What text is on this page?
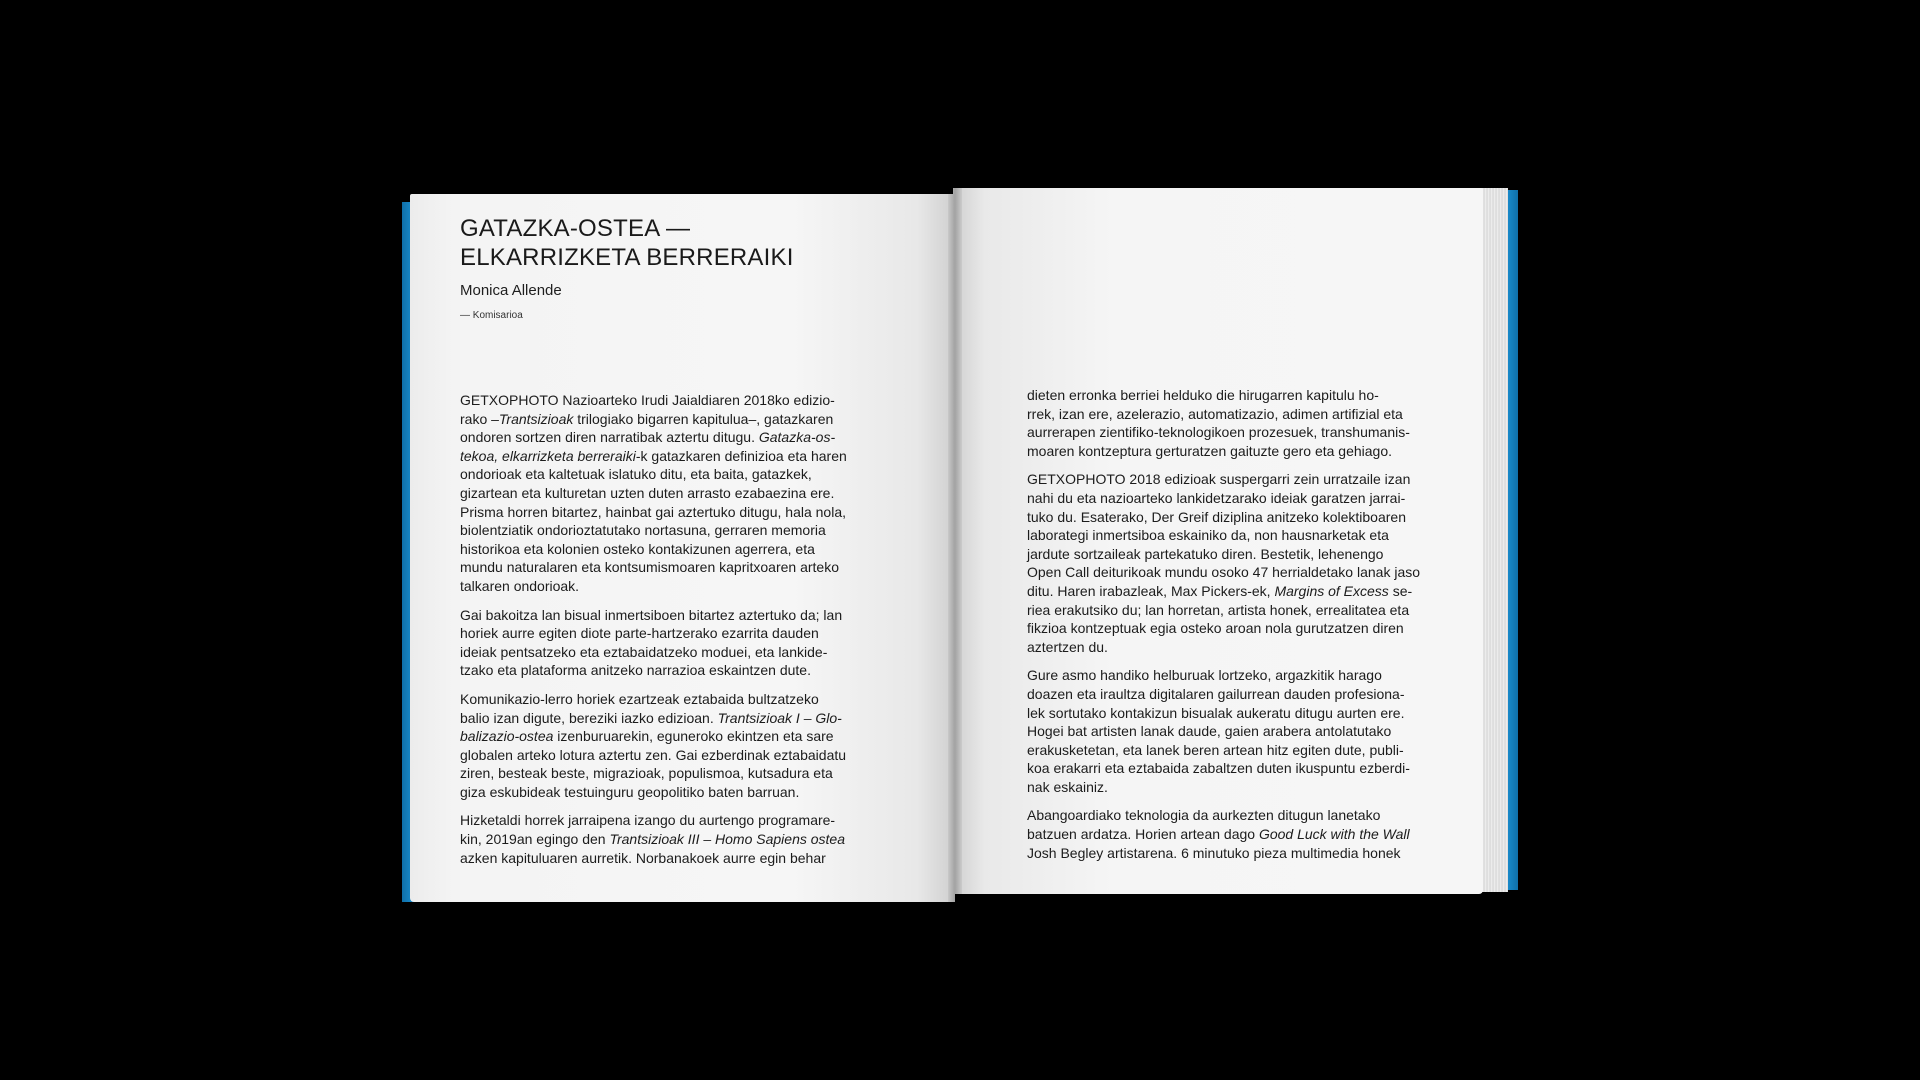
GATAZKA-OSTEA —
ELKARRIZKETA BERRERAIKI
Monica Allende
— Komisarioa

GETXOPHOTO Nazioarteko Irudi Jaialdiaren 2018ko edizio-
rako –Trantsizioak trilogiako bigarren kapitulua–, gatazkaren
ondoren sortzen diren narratibak aztertu ditugu. Gatazka-os-
tekoa, elkarrizketa berreraiki-k gatazkaren definizioa eta haren
ondorioak eta kaltetuak islatuko ditu, eta baita, gatazkek,
gizartean eta kulturetan uzten duten arrasto ezabaezina ere.
Prisma horren bitartez, hainbat gai aztertuko ditugu, hala nola,
biolentziatik ondorioztatutako nortasuna, gerraren memoria
historikoa eta kolonien osteko kontakizunen agerrera, eta
mundu naturalaren eta kontsumismoaren kapritxoaren arteko
talkaren ondorioak.

Gai bakoitza lan bisual inmertsiboen bitartez aztertuko da; lan
horiek aurre egiten diote parte-hartzerako ezarrita dauden
ideiak pentsatzeko eta eztabaidatzeko moduei, eta lankide-
tzako eta plataforma anitzeko narrazioa eskaintzen dute.

Komunikazio-lerro horiek ezartzeak eztabaida bultzatzeko
balio izan digute, bereziki iazko edizioan. Trantsizioak I – Glo-
balizazio-ostea izenburuarekin, eguneroko ekintzen eta sare
globalen arteko lotura aztertu zen. Gai ezberdinak eztabaidatu
ziren, besteak beste, migrazioak, populismoa, kutsadura eta
giza eskubideak testuinguru geopolitiko baten barruan.

Hizketaldi horrek jarraipena izango du aurtengo programare-
kin, 2019an egingo den Trantsizioak III – Homo Sapiens ostea
azken kapituluaren aurretik. Norbanakoek aurre egin behar

dieten erronka berriei helduko die hirugarren kapitulu ho-
rrek, izan ere, azelerazio, automatizazio, adimen artifizial eta
aurrerapen zientifiko-teknologikoen prozesuek, transhumanis-
moaren kontzeptura gerturatzen gaituzte gero eta gehiago.

GETXOPHOTO 2018 edizioak suspergarri zein urratzaile izan
nahi du eta nazioarteko lankidetzarako ideiak garatzen jarrai-
tuko du. Esaterako, Der Greif diziplina anitzeko kolektiboaren
laborategi inmertsiboa eskainiko da, non hausnarketak eta
jardute sortzaileak partekatuko diren. Bestetik, lehenengo
Open Call deiturikoak mundu osoko 47 herrialdetako lanak jaso
ditu. Haren irabazleak, Max Pickers-ek, Margins of Excess se-
riea erakutsiko du; lan horretan, artista honek, errealitatea eta
fikzioa kontzeptuak egia osteko aroan nola gurutzatzen diren
aztertzen du.

Gure asmo handiko helburuak lortzeko, argazkitik harago
doazen eta iraultza digitalaren gailurrean dauden profesiona-
lek sortutako kontakizun bisualak aukeratu ditugu aurten ere.
Hogei bat artisten lanak daude, gaien arabera antolatutako
erakusketetan, eta lanek beren artean hitz egiten dute, publi-
koa erakarri eta eztabaida zabaltzen duten ikuspuntu ezberdi-
nak eskainiz.

Abangoardiako teknologia da aurkezten ditugun lanetako
batzuen ardatza. Horien artean dago Good Luck with the Wall
Josh Begley artistarena. 6 minutuko pieza multimedia honek
